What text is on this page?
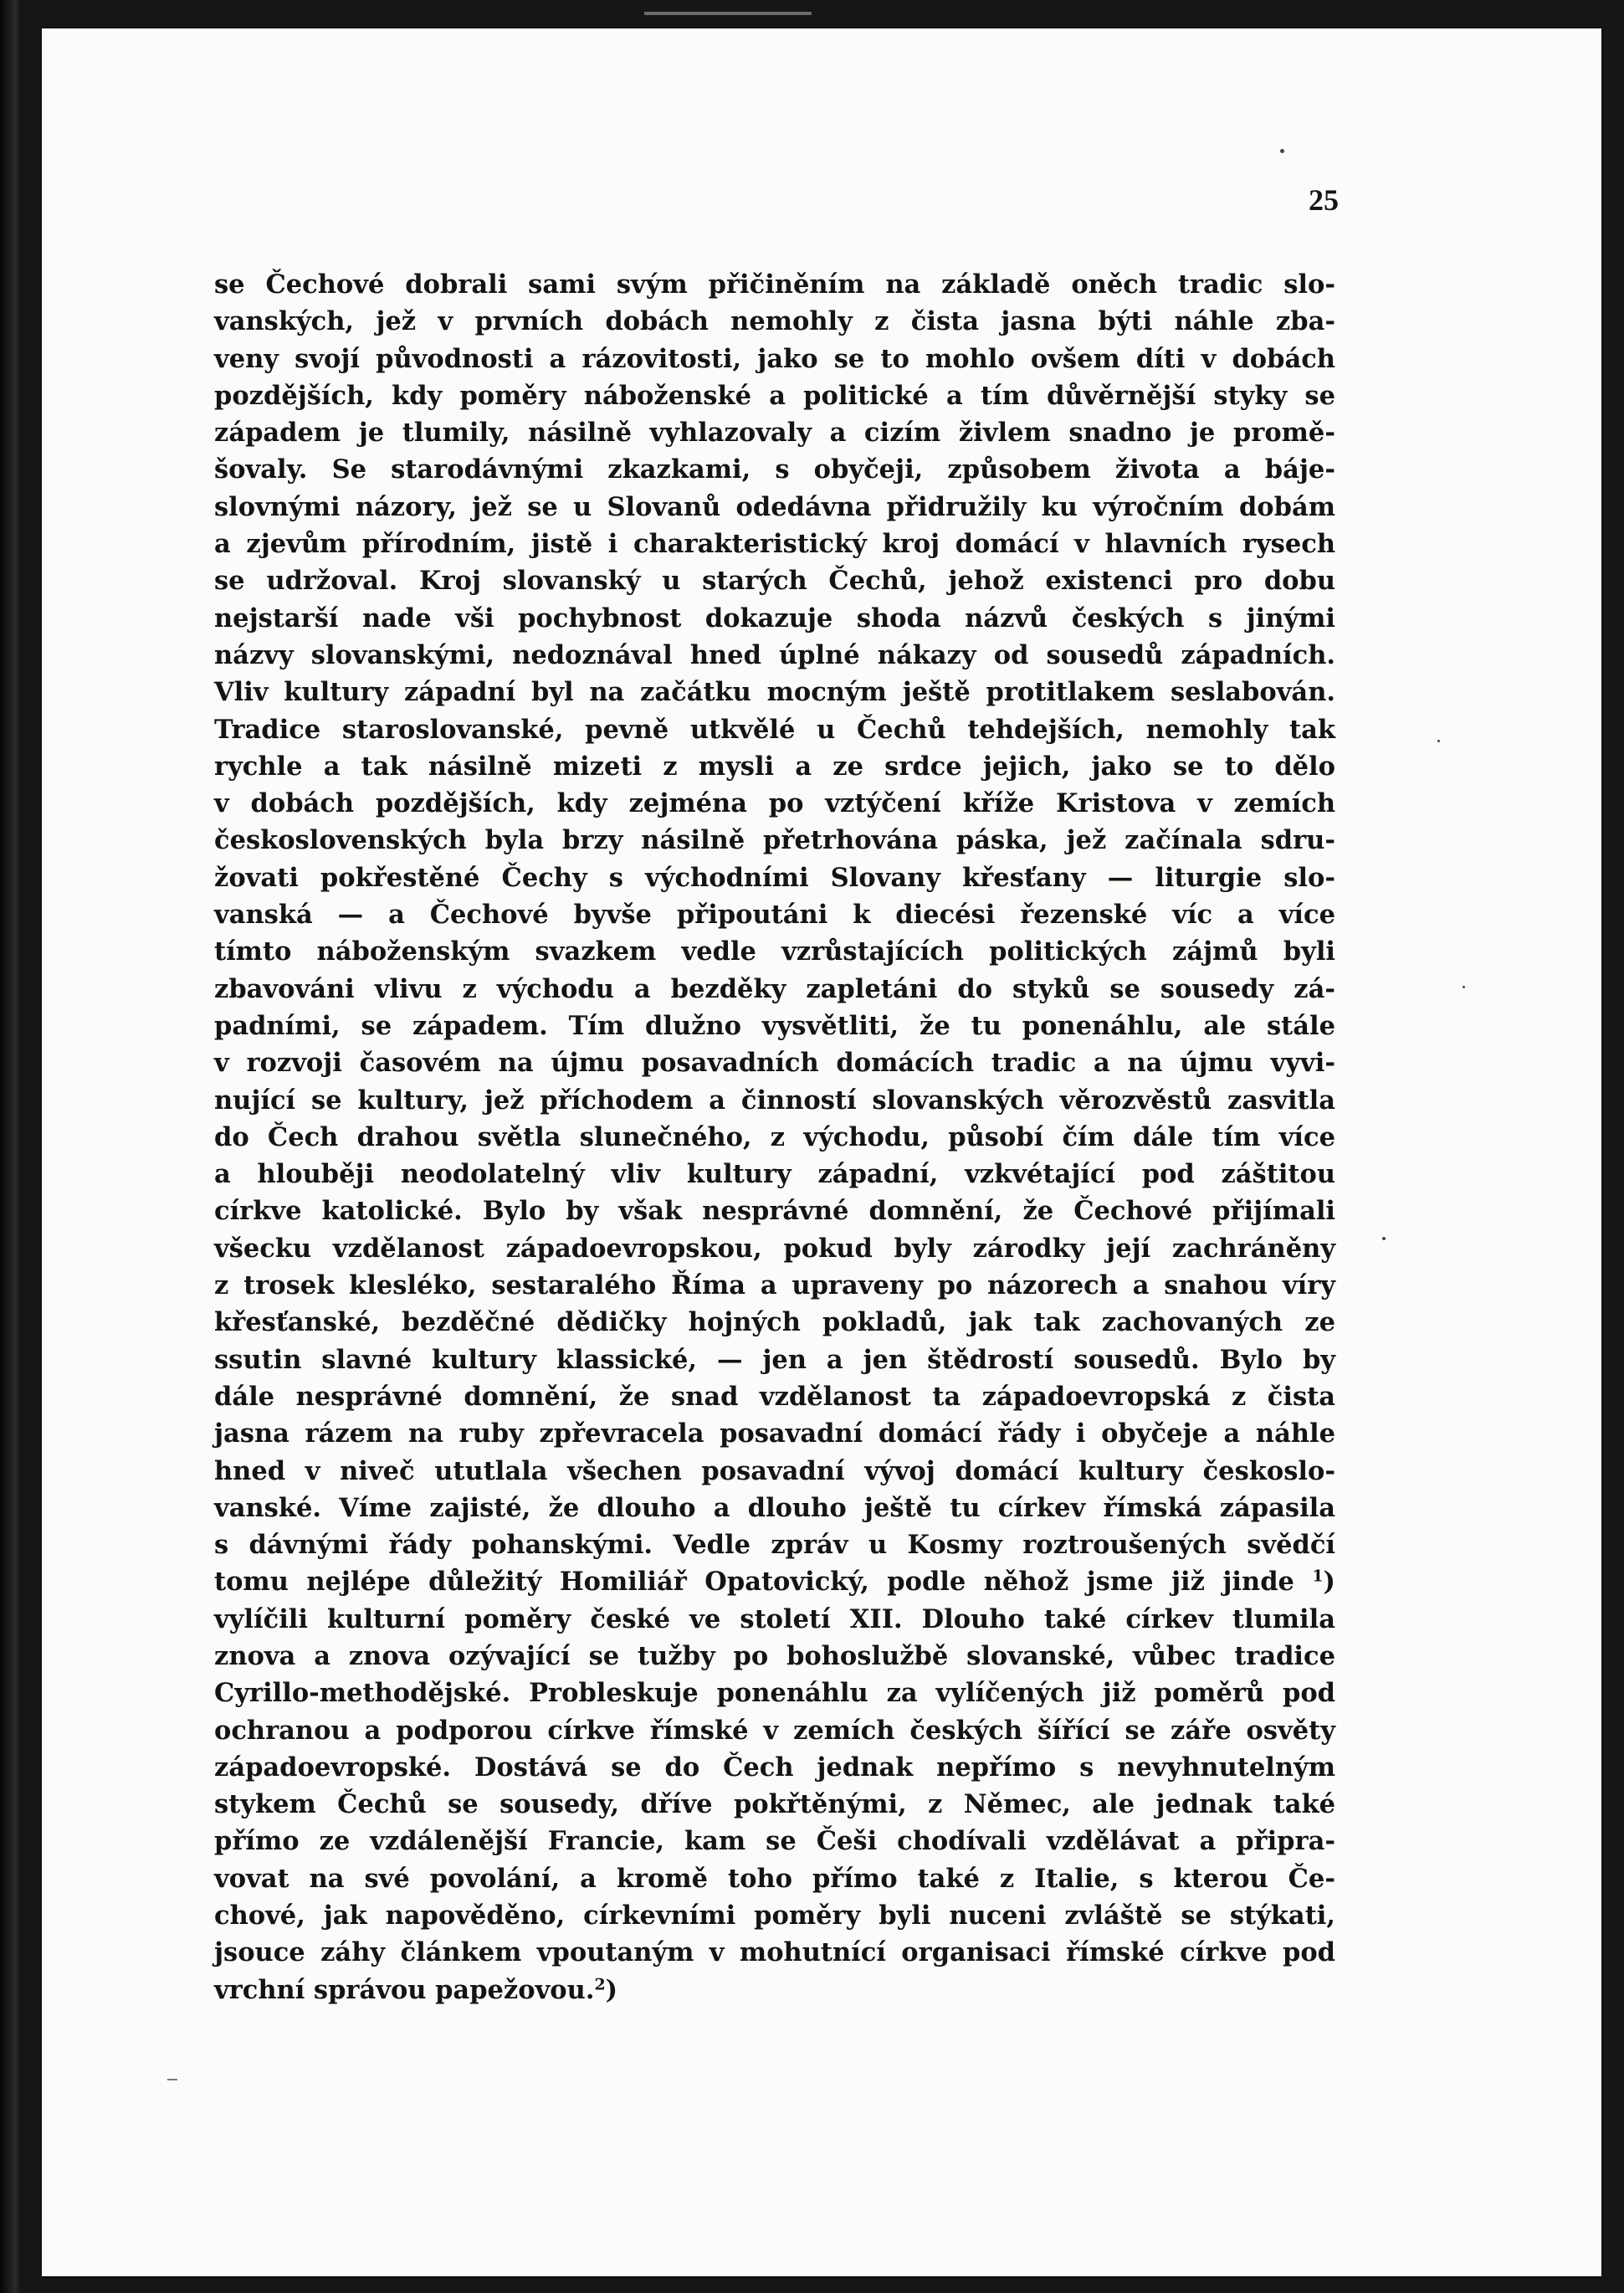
25
se Čechové dobrali sami svým přičiněním na základě oněch tradic slo-
vanských, jež v prvních dobách nemohly z čista jasna býti náhle zba-
veny svojí původnosti a rázovitosti, jako se to mohlo ovšem díti v dobách
pozdějších, kdy poměry náboženské a politické a tím důvěrnější styky se
západem je tlumily, násilně vyhlazovaly a cizím živlem snadno je promě-
šovaly. Se starodávnými zkazkami, s obyčeji, způsobem života a báje-
slovnými názory, jež se u Slovanů odedávna přidružily ku výročním dobám
a zjevům přírodním, jistě i charakteristický kroj domácí v hlavních rysech
se udržoval. Kroj slovanský u starých Čechů, jehož existenci pro dobu
nejstarší nade vši pochybnost dokazuje shoda názvů českých s jinými
názvy slovanskými, nedoznával hned úplné nákazy od sousedů západních.
Vliv kultury západní byl na začátku mocným ještě protitlakem seslabován.
Tradice staroslovanské, pevně utkvělé u Čechů tehdejších, nemohly tak
rychle a tak násilně mizeti z mysli a ze srdce jejich, jako se to dělo
v dobách pozdějších, kdy zejména po vztýčení kříže Kristova v zemích
československých byla brzy násilně přetrhována páska, jež začínala sdru-
žovati pokřestěné Čechy s východními Slovany křesťany — liturgie slo-
vanská — a Čechové byvše připoutáni k diecési řezenské víc a více
tímto náboženským svazkem vedle vzrůstajících politických zájmů byli
zbavováni vlivu z východu a bezděky zapletáni do styků se sousedy zá-
padními, se západem. Tím dlužno vysvětliti, že tu ponenáhlu, ale stále
v rozvoji časovém na újmu posavadních domácích tradic a na újmu vyvi-
nující se kultury, jež příchodem a činností slovanských věrozvěstů zasvitla
do Čech drahou světla slunečného, z východu, působí čím dále tím více
a hlouběji neodolatelný vliv kultury západní, vzkvétající pod záštitou
církve katolické. Bylo by však nesprávné domnění, že Čechové přijímali
všecku vzdělanost západoevropskou, pokud byly zárodky její zachráněny
z trosek klesléko, sestaralého Říma a upraveny po názorech a snahou víry
křesťanské, bezděčné dědičky hojných pokladů, jak tak zachovaných ze
ssutin slavné kultury klassické, — jen a jen štědrostí sousedů. Bylo by
dále nesprávné domnění, že snad vzdělanost ta západoevropská z čista
jasna rázem na ruby zpřevracela posavadní domácí řády i obyčeje a náhle
hned v niveč ututlala všechen posavadní vývoj domácí kultury českoslo-
vanské. Víme zajisté, že dlouho a dlouho ještě tu církev římská zápasila
s dávnými řády pohanskými. Vedle zpráv u Kosmy roztroušených svědčí
tomu nejlépe důležitý Homiliář Opatovický, podle něhož jsme již jinde $^1$)
vylíčili kulturní poměry české ve století XII. Dlouho také církev tlumila
znova a znova ozývající se tužby po bohoslužbě slovanské, vůbec tradice
Cyrillo-methodějské. Probleskuje ponenáhlu za vylíčených již poměrů pod
ochranou a podporou církve římské v zemích českých šířící se záře osvěty
západoevropské. Dostává se do Čech jednak nepřímo s nevyhnutelným
stykem Čechů se sousedy, dříve pokřtěnými, z Němec, ale jednak také
přímo ze vzdálenější Francie, kam se Češi chodívali vzdělávat a připra-
vovat na své povolání, a kromě toho přímo také z Italie, s kterou Če-
chové, jak napověděno, církevními poměry byli nuceni zvláště se stýkati,
jsouce záhy článkem vpoutaným v mohutnící organisaci římské církve pod
vrchní správou papežovou.$^2$)
